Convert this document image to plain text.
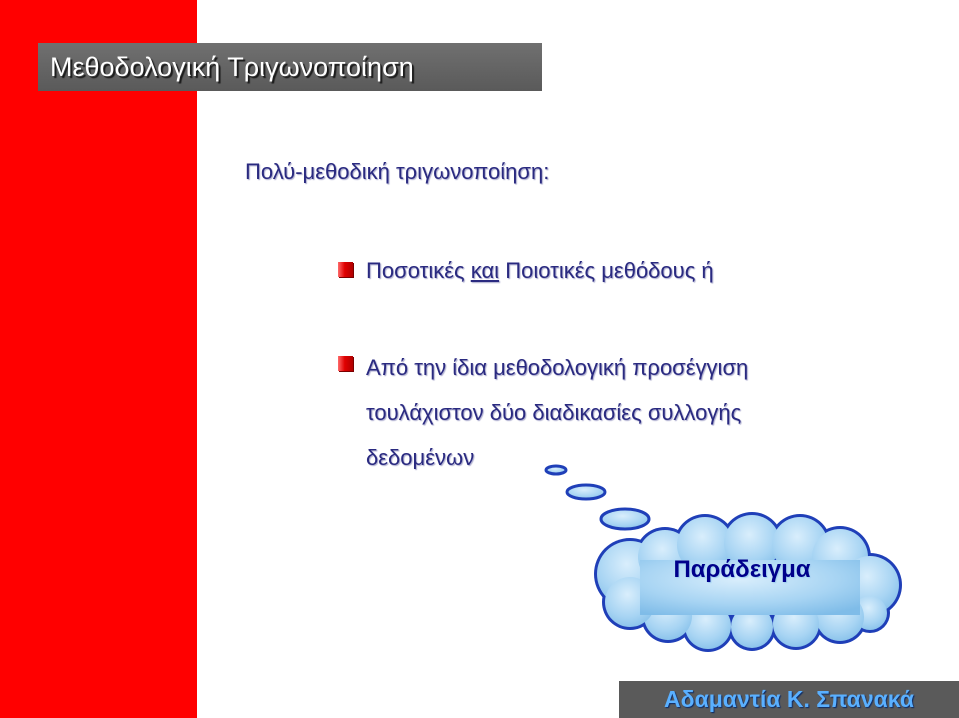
Μεθοδολογική Τριγωνοποίηση
Πολύ-μεθοδική τριγωνοποίηση:
Ποσοτικές και Ποιοτικές μεθόδους ή
Από την ίδια μεθοδολογική προσέγγιση τουλάχιστον δύο διαδικασίες συλλογής δεδομένων
Παράδειγμα
Αδαμαντία Κ. Σπανακά
